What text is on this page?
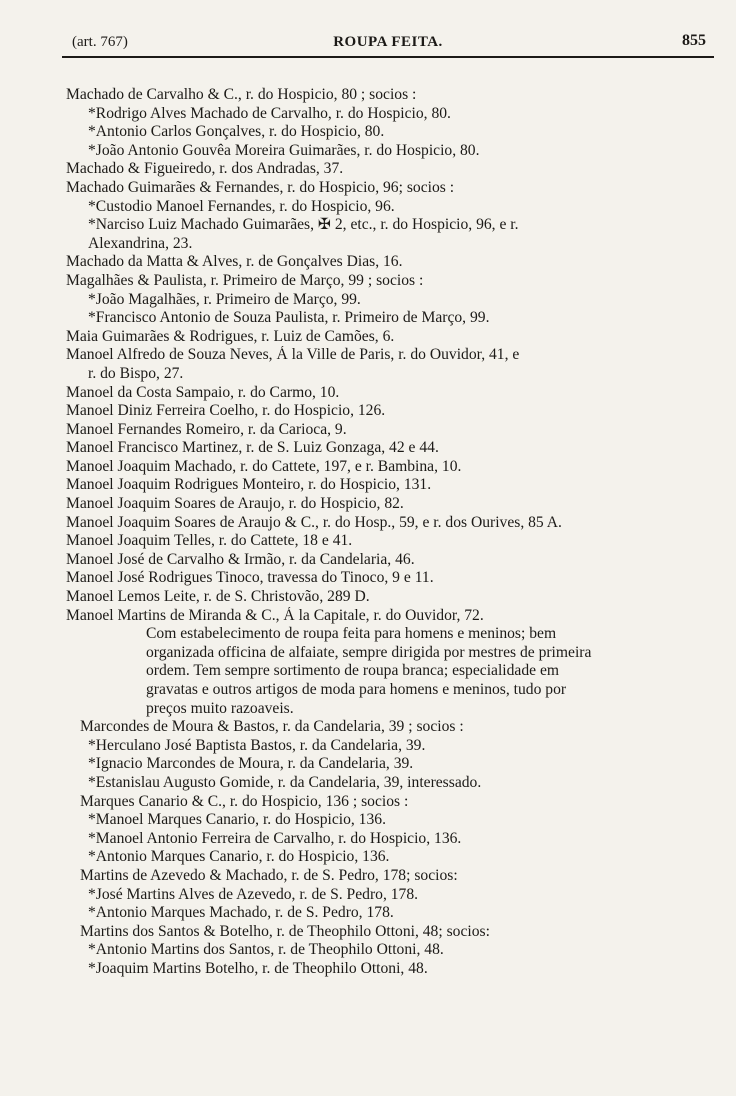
(art. 767)	ROUPA FEITA.	855
Machado de Carvalho & C., r. do Hospicio, 80 ; socios :
*Rodrigo Alves Machado de Carvalho, r. do Hospicio, 80.
*Antonio Carlos Gonçalves, r. do Hospicio, 80.
*João Antonio Gouvêa Moreira Guimarães, r. do Hospicio, 80.
Machado & Figueiredo, r. dos Andradas, 37.
Machado Guimarães & Fernandes, r. do Hospicio, 96; socios :
*Custodio Manoel Fernandes, r. do Hospicio, 96.
*Narciso Luiz Machado Guimarães, ✠ 2, etc., r. do Hospicio, 96, e r.
Alexandrina, 23.
Machado da Matta & Alves, r. de Gonçalves Dias, 16.
Magalhães & Paulista, r. Primeiro de Março, 99 ; socios :
*João Magalhães, r. Primeiro de Março, 99.
*Francisco Antonio de Souza Paulista, r. Primeiro de Março, 99.
Maia Guimarães & Rodrigues, r. Luiz de Camões, 6.
Manoel Alfredo de Souza Neves, Á la Ville de Paris, r. do Ouvidor, 41, e
r. do Bispo, 27.
Manoel da Costa Sampaio, r. do Carmo, 10.
Manoel Diniz Ferreira Coelho, r. do Hospicio, 126.
Manoel Fernandes Romeiro, r. da Carioca, 9.
Manoel Francisco Martinez, r. de S. Luiz Gonzaga, 42 e 44.
Manoel Joaquim Machado, r. do Cattete, 197, e r. Bambina, 10.
Manoel Joaquim Rodrigues Monteiro, r. do Hospicio, 131.
Manoel Joaquim Soares de Araujo, r. do Hospicio, 82.
Manoel Joaquim Soares de Araujo & C., r. do Hosp., 59, e r. dos Ourives, 85 A.
Manoel Joaquim Telles, r. do Cattete, 18 e 41.
Manoel José de Carvalho & Irmão, r. da Candelaria, 46.
Manoel José Rodrigues Tinoco, travessa do Tinoco, 9 e 11.
Manoel Lemos Leite, r. de S. Christovão, 289 D.
Manoel Martins de Miranda & C., Á la Capitale, r. do Ouvidor, 72.
Com estabelecimento de roupa feita para homens e meninos; bem
organizada officina de alfaiate, sempre dirigida por mestres de primeira
ordem. Tem sempre sortimento de roupa branca; especialidade em
gravatas e outros artigos de moda para homens e meninos, tudo por
preços muito razoaveis.
Marcondes de Moura & Bastos, r. da Candelaria, 39 ; socios :
*Herculano José Baptista Bastos, r. da Candelaria, 39.
*Ignacio Marcondes de Moura, r. da Candelaria, 39.
*Estanislau Augusto Gomide, r. da Candelaria, 39, interessado.
Marques Canario & C., r. do Hospicio, 136 ; socios :
*Manoel Marques Canario, r. do Hospicio, 136.
*Manoel Antonio Ferreira de Carvalho, r. do Hospicio, 136.
*Antonio Marques Canario, r. do Hospicio, 136.
Martins de Azevedo & Machado, r. de S. Pedro, 178; socios:
*José Martins Alves de Azevedo, r. de S. Pedro, 178.
*Antonio Marques Machado, r. de S. Pedro, 178.
Martins dos Santos & Botelho, r. de Theophilo Ottoni, 48; socios:
*Antonio Martins dos Santos, r. de Theophilo Ottoni, 48.
*Joaquim Martins Botelho, r. de Theophilo Ottoni, 48.
